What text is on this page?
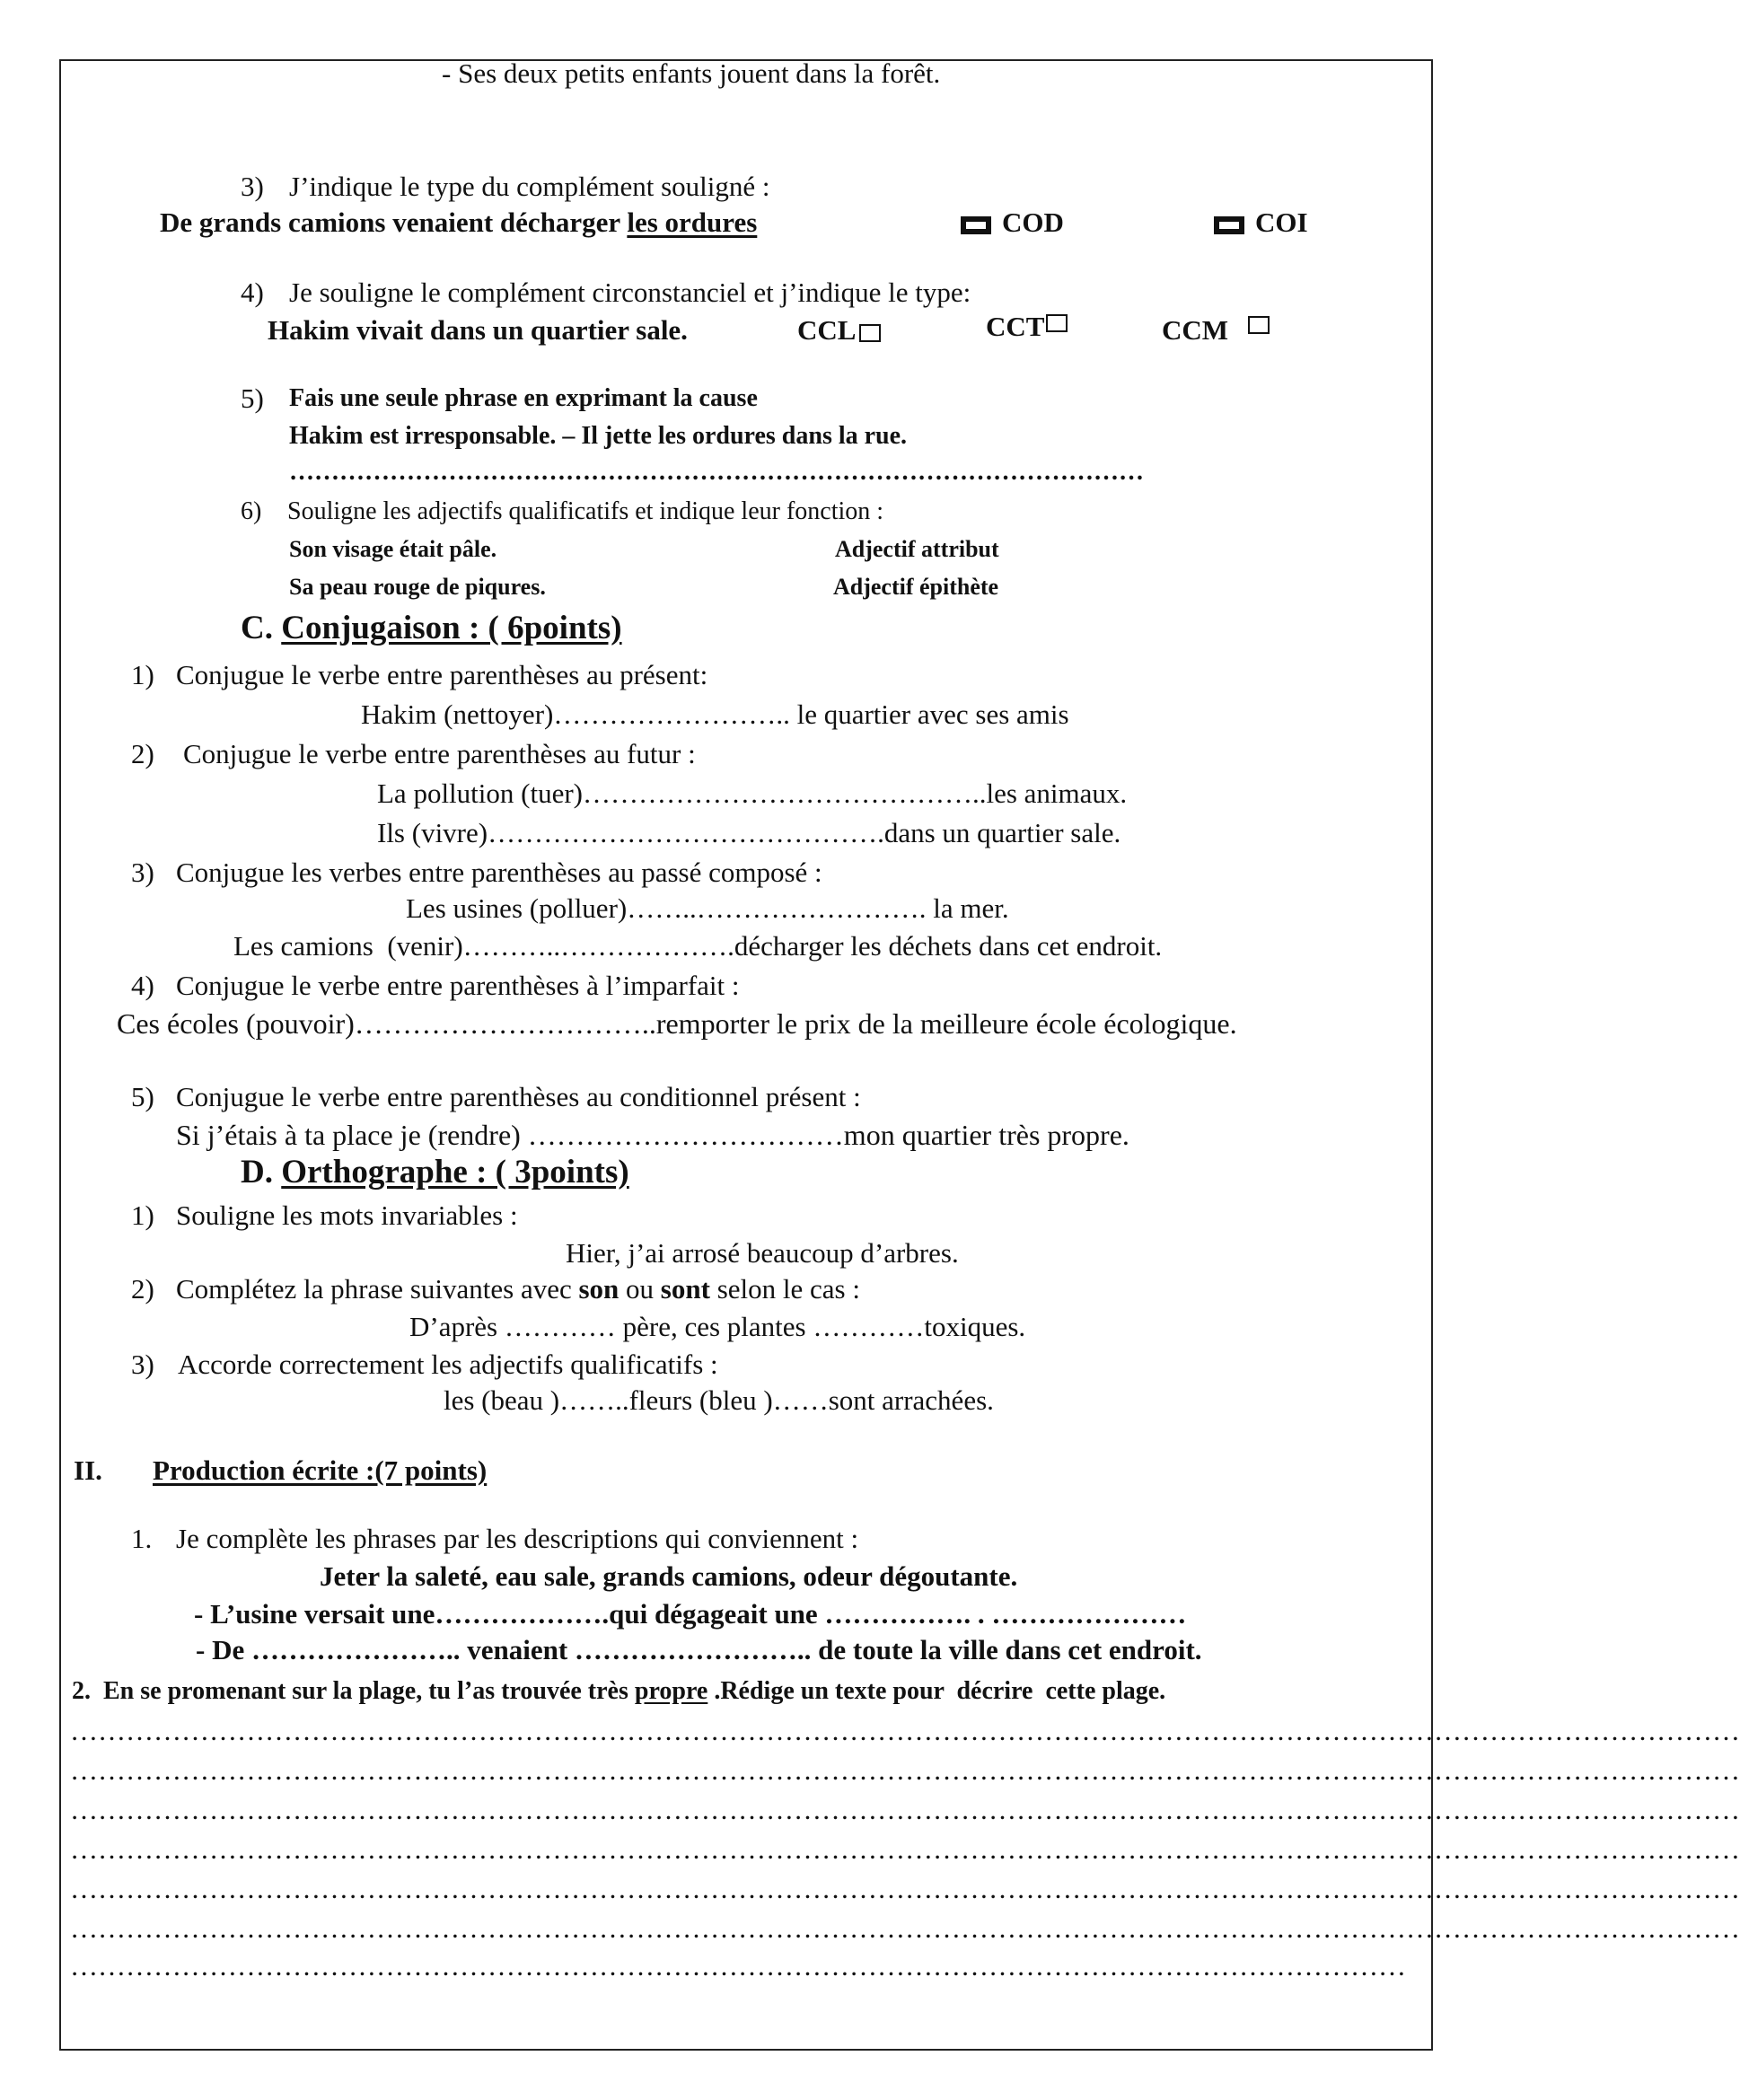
- Ses deux petits enfants jouent dans la forêt.
3) J’indique le type du complément souligné :
De grands camions venaient décharger les ordures	COD	COI
4) Je souligne le complément circonstanciel et j’indique le type:
Hakim vivait dans un quartier sale.	CCL	CCT	CCM
5) Fais une seule phrase en exprimant la cause
Hakim est irresponsable. – Il jette les ordures dans la rue.
…………………………………………………………………………………………
6) Souligne les adjectifs qualificatifs et indique leur fonction :
Son visage était pâle.	Adjectif attribut
Sa peau rouge de piqures.	Adjectif épithète
C. Conjugaison : ( 6points)
1) Conjugue le verbe entre parenthèses au présent:
Hakim (nettoyer)…………………….. le quartier avec ses amis
2) Conjugue le verbe entre parenthèses au futur :
La pollution (tuer)……………………………………..les animaux.
Ils (vivre)…………………………………….dans un quartier sale.
3) Conjugue les verbes entre parenthèses au passé composé :
Les usines (polluer)……..……………………. la mer.
Les camions  (venir)………..……………….décharger les déchets dans cet endroit.
4) Conjugue le verbe entre parenthèses à l’imparfait :
Ces écoles (pouvoir)…………………………..remporter le prix de la meilleure école écologique.
5) Conjugue le verbe entre parenthèses au conditionnel présent :
Si j’étais à ta place je (rendre) ……………………………mon quartier très propre.
D. Orthographe : ( 3points)
1) Souligne les mots invariables :
Hier, j’ai arrosé beaucoup d’arbres.
2) Complétez la phrase suivantes avec son ou sont selon le cas :
D’après ………… père, ces plantes …………toxiques.
3) Accorde correctement les adjectifs qualificatifs :
les (beau )……..fleurs (bleu )……sont arrachées.
II. Production écrite :(7 points)
1. Je complète les phrases par les descriptions qui conviennent :
Jeter la saleté, eau sale, grands camions, odeur dégoutante.
- L’usine versait une……………….qui dégageait une ……………. . …………………
- De ………………….. venaient …………………….. de toute la ville dans cet endroit.
2.  En se promenant sur la plage, tu l’as trouvée très propre .Rédige un texte pour  décrire  cette plage.
………………………………………………………………………………………………………………………………………………………………
………………………………………………………………………………………………………………………………………………………………
………………………………………………………………………………………………………………………………………………………………
………………………………………………………………………………………………………………………………………………………………
………………………………………………………………………………………………………………………………………………………………
………………………………………………………………………………………………………………………………………………………………
………………………………………………………………………………………………………………………………
